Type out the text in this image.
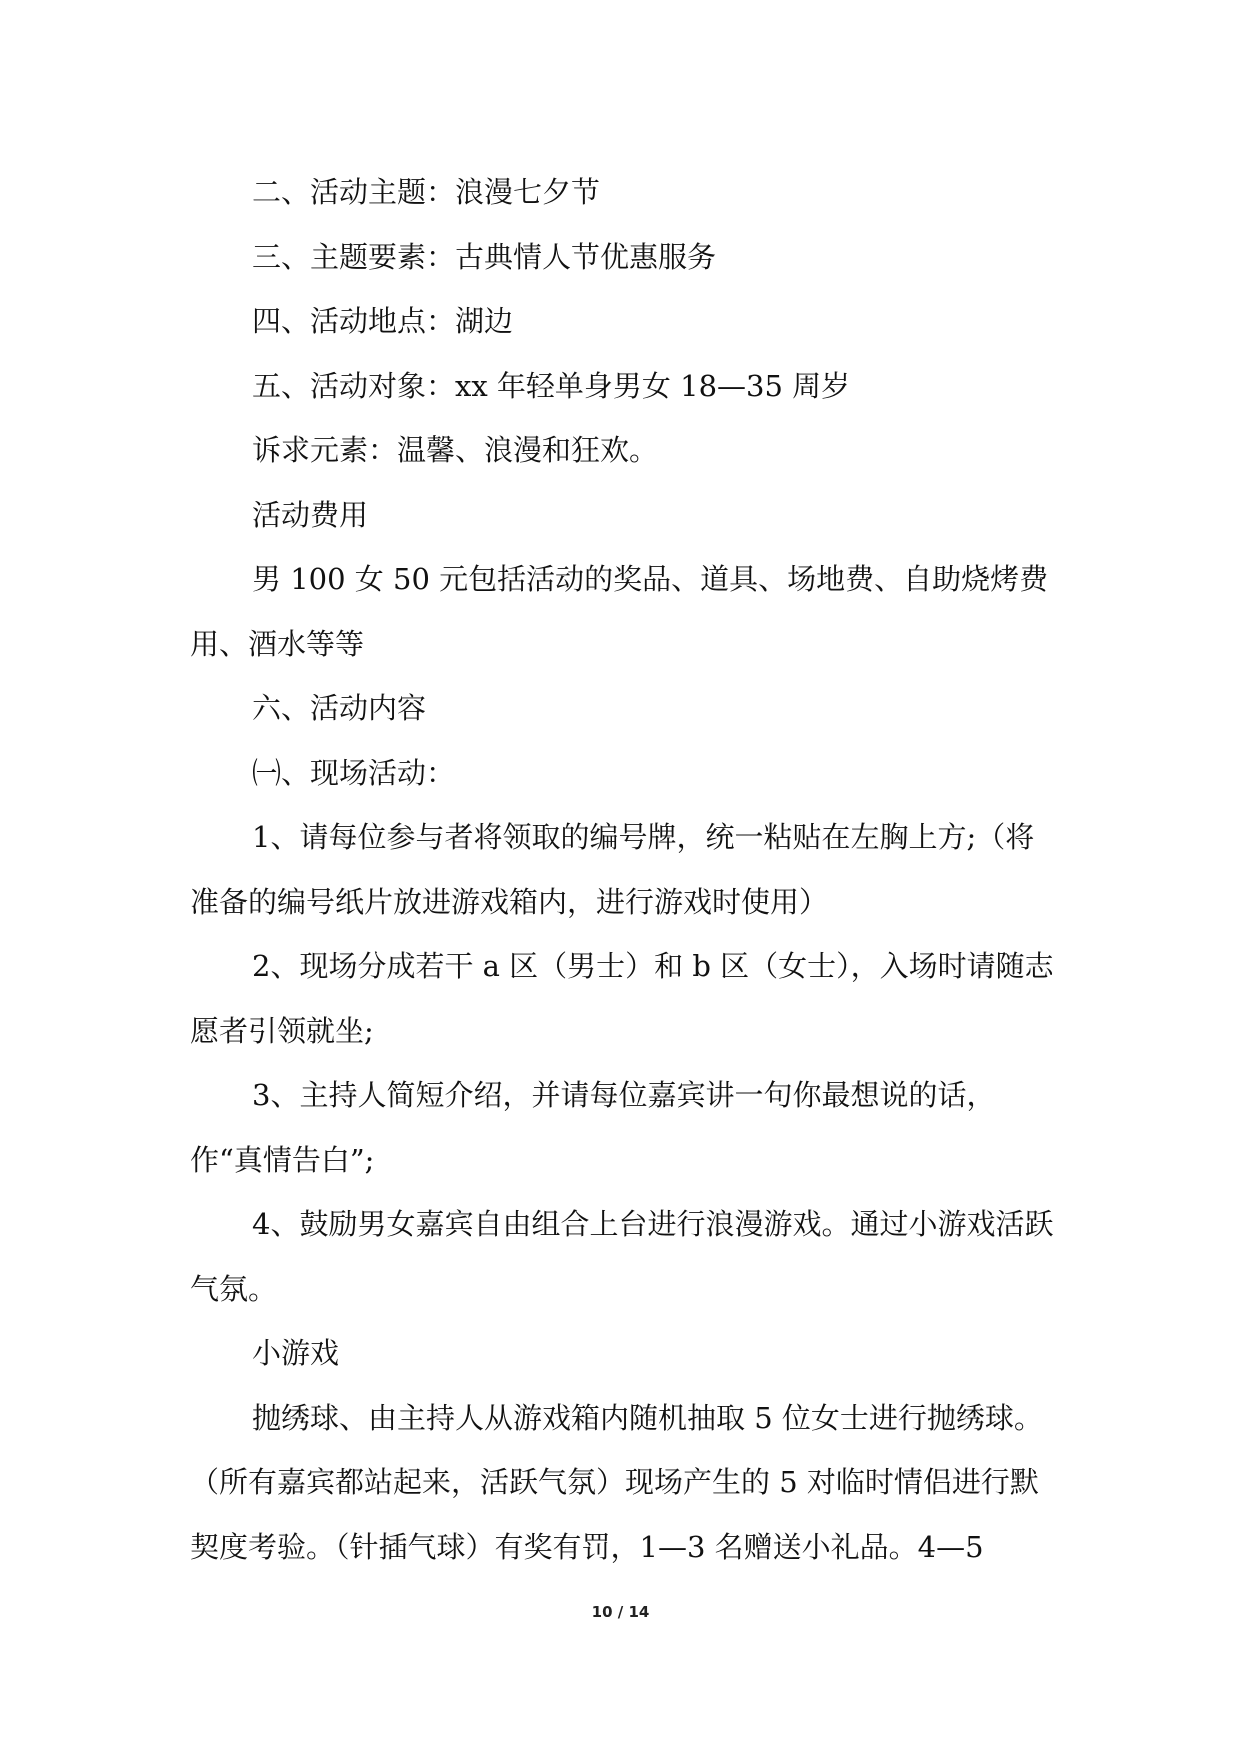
二、活动主题：浪漫七夕节

三、主题要素：古典情人节优惠服务

四、活动地点：湖边

五、活动对象：xx 年轻单身男女 18—35 周岁

诉求元素：温馨、浪漫和狂欢。

活动费用

男 100 女 50 元包括活动的奖品、道具、场地费、自助烧烤费用、酒水等等

六、活动内容

㈠、现场活动：

1、请每位参与者将领取的编号牌，统一粘贴在左胸上方;（将准备的编号纸片放进游戏箱内，进行游戏时使用）

2、现场分成若干 a 区（男士）和 b 区（女士），入场时请随志愿者引领就坐;

3、主持人简短介绍，并请每位嘉宾讲一句你最想说的话，作“真情告白”;

4、鼓励男女嘉宾自由组合上台进行浪漫游戏。通过小游戏活跃气氛。

小游戏

抛绣球、由主持人从游戏箱内随机抽取 5 位女士进行抛绣球。（所有嘉宾都站起来，活跃气氛）现场产生的 5 对临时情侣进行默契度考验。（针插气球）有奖有罚，1—3 名赠送小礼品。4—5

10 / 14
